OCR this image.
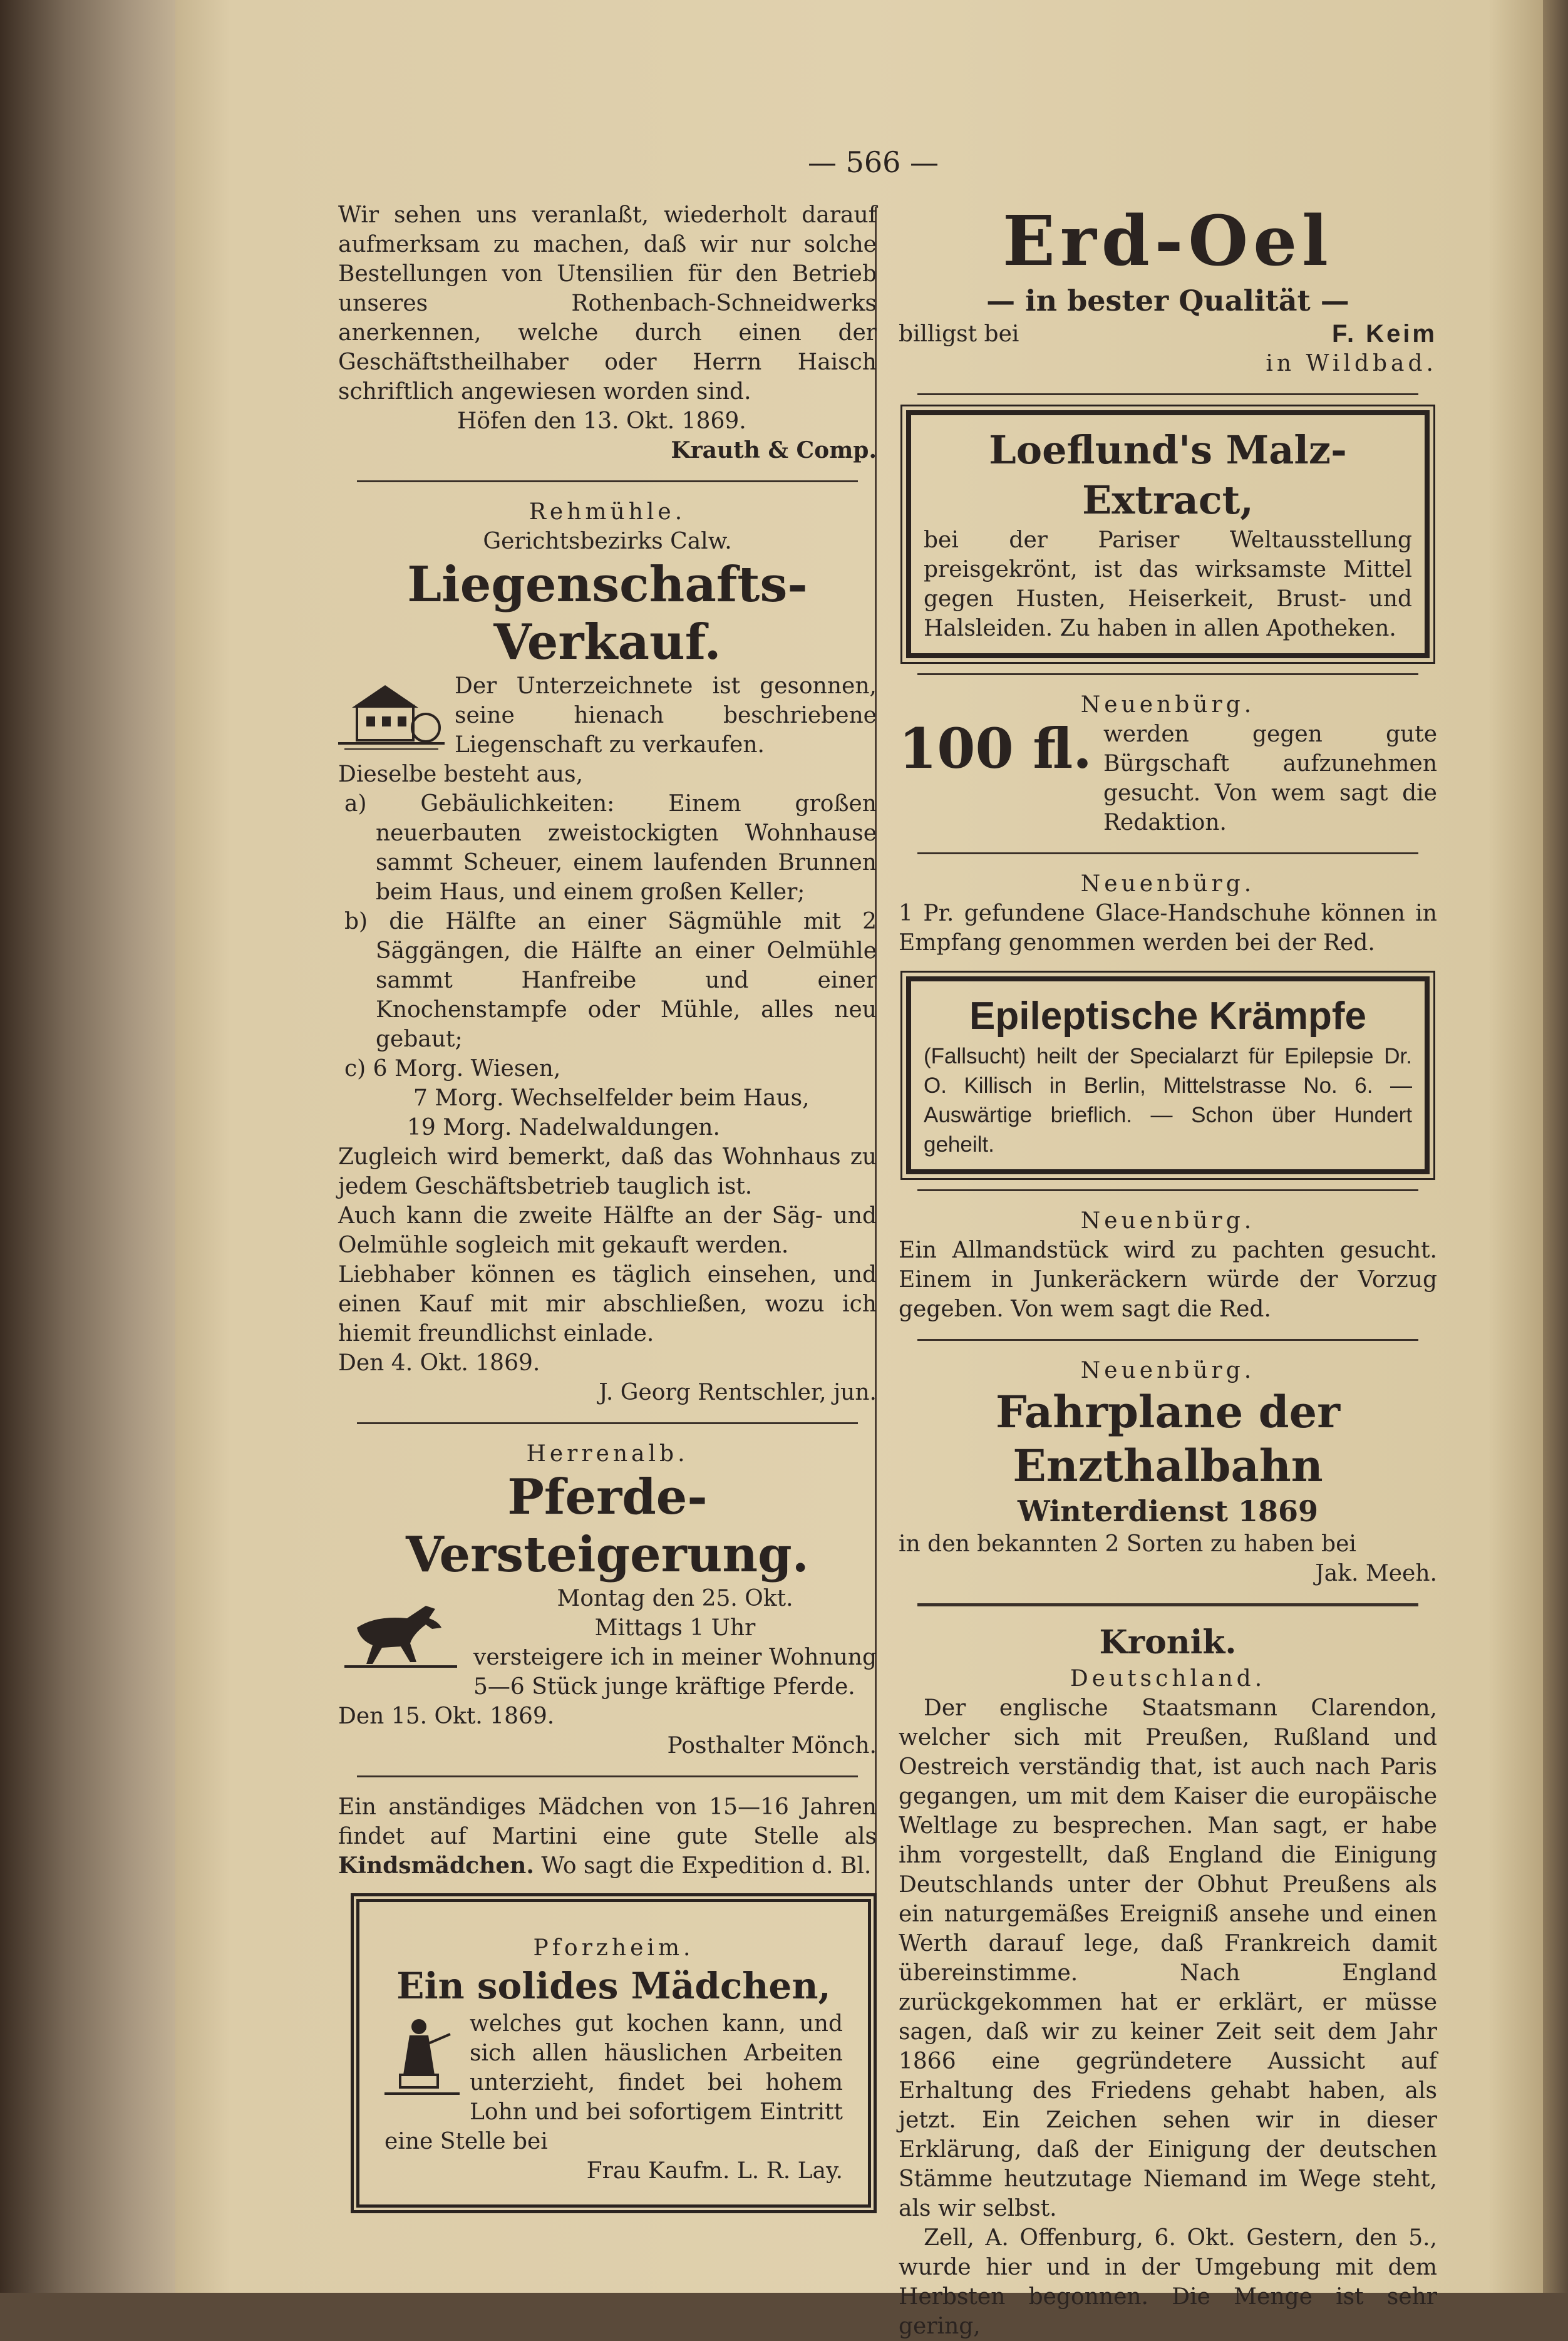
— 566 —

Wir sehen uns veranlaßt, wiederholt darauf aufmerksam zu machen, daß wir nur solche Bestellungen von Utensilien für den Betrieb unseres Rothenbach-Schneidwerks anerkennen, welche durch einen der Geschäftstheilhaber oder Herrn Haisch schriftlich angewiesen worden sind.

Höfen den 13. Okt. 1869.

Krauth & Comp.

Rehmühle.

Gerichtsbezirks Calw.

Liegenschafts-Verkauf.

Der Unterzeichnete ist gesonnen, seine hienach beschriebene Liegenschaft zu verkaufen.

Dieselbe besteht aus,

a) Gebäulichkeiten: Einem großen neuerbauten zweistockigten Wohnhause sammt Scheuer, einem laufenden Brunnen beim Haus, und einem großen Keller;

b) die Hälfte an einer Sägmühle mit 2 Säggängen, die Hälfte an einer Oelmühle sammt Hanfreibe und einer Knochenstampfe oder Mühle, alles neu gebaut;

c) 6 Morg. Wiesen,

7 Morg. Wechselfelder beim Haus,

19 Morg. Nadelwaldungen.

Zugleich wird bemerkt, daß das Wohnhaus zu jedem Geschäftsbetrieb tauglich ist.

Auch kann die zweite Hälfte an der Säg- und Oelmühle sogleich mit gekauft werden.

Liebhaber können es täglich einsehen, und einen Kauf mit mir abschließen, wozu ich hiemit freundlichst einlade.

Den 4. Okt. 1869.

J. Georg Rentschler, jun.

Herrenalb.

Pferde-Versteigerung.

Montag den 25. Okt.

Mittags 1 Uhr

versteigere ich in meiner Wohnung 5—6 Stück junge kräftige Pferde.

Den 15. Okt. 1869.

Posthalter Mönch.

Ein anständiges Mädchen von 15—16 Jahren findet auf Martini eine gute Stelle als Kindsmädchen. Wo sagt die Expedition d. Bl.

Pforzheim.

Ein solides Mädchen,

welches gut kochen kann, und sich allen häuslichen Arbeiten unterzieht, findet bei hohem Lohn und bei sofortigem Eintritt eine Stelle bei

Frau Kaufm. L. R. Lay.

Erd-Oel

— in bester Qualität —

billigst bei	F. Keim

in Wildbad.

Loeflund's Malz-Extract,

bei der Pariser Weltausstellung preisgekrönt, ist das wirksamste Mittel gegen Husten, Heiserkeit, Brust- und Halsleiden. Zu haben in allen Apotheken.

Neuenbürg.

100 fl. werden gegen gute Bürgschaft aufzunehmen gesucht. Von wem sagt die Redaktion.

Neuenbürg.

1 Pr. gefundene Glace-Handschuhe können in Empfang genommen werden bei der Red.

Epileptische Krämpfe

(Fallsucht) heilt der Specialarzt für Epilepsie Dr. O. Killisch in Berlin, Mittelstrasse No. 6. — Auswärtige brieflich. — Schon über Hundert geheilt.

Neuenbürg.

Ein Allmandstück wird zu pachten gesucht. Einem in Junkeräckern würde der Vorzug gegeben. Von wem sagt die Red.

Neuenbürg.

Fahrplane der Enzthalbahn

Winterdienst 1869

in den bekannten 2 Sorten zu haben bei

Jak. Meeh.

Kronik.

Deutschland.

Der englische Staatsmann Clarendon, welcher sich mit Preußen, Rußland und Oestreich verständig that, ist auch nach Paris gegangen, um mit dem Kaiser die europäische Weltlage zu besprechen. Man sagt, er habe ihm vorgestellt, daß England die Einigung Deutschlands unter der Obhut Preußens als ein naturgemäßes Ereigniß ansehe und einen Werth darauf lege, daß Frankreich damit übereinstimme. Nach England zurückgekommen hat er erklärt, er müsse sagen, daß wir zu keiner Zeit seit dem Jahr 1866 eine gegründetere Aussicht auf Erhaltung des Friedens gehabt haben, als jetzt. Ein Zeichen sehen wir in dieser Erklärung, daß der Einigung der deutschen Stämme heutzutage Niemand im Wege steht, als wir selbst.

Zell, A. Offenburg, 6. Okt. Gestern, den 5., wurde hier und in der Umgebung mit dem Herbsten begonnen. Die Menge ist sehr gering,
